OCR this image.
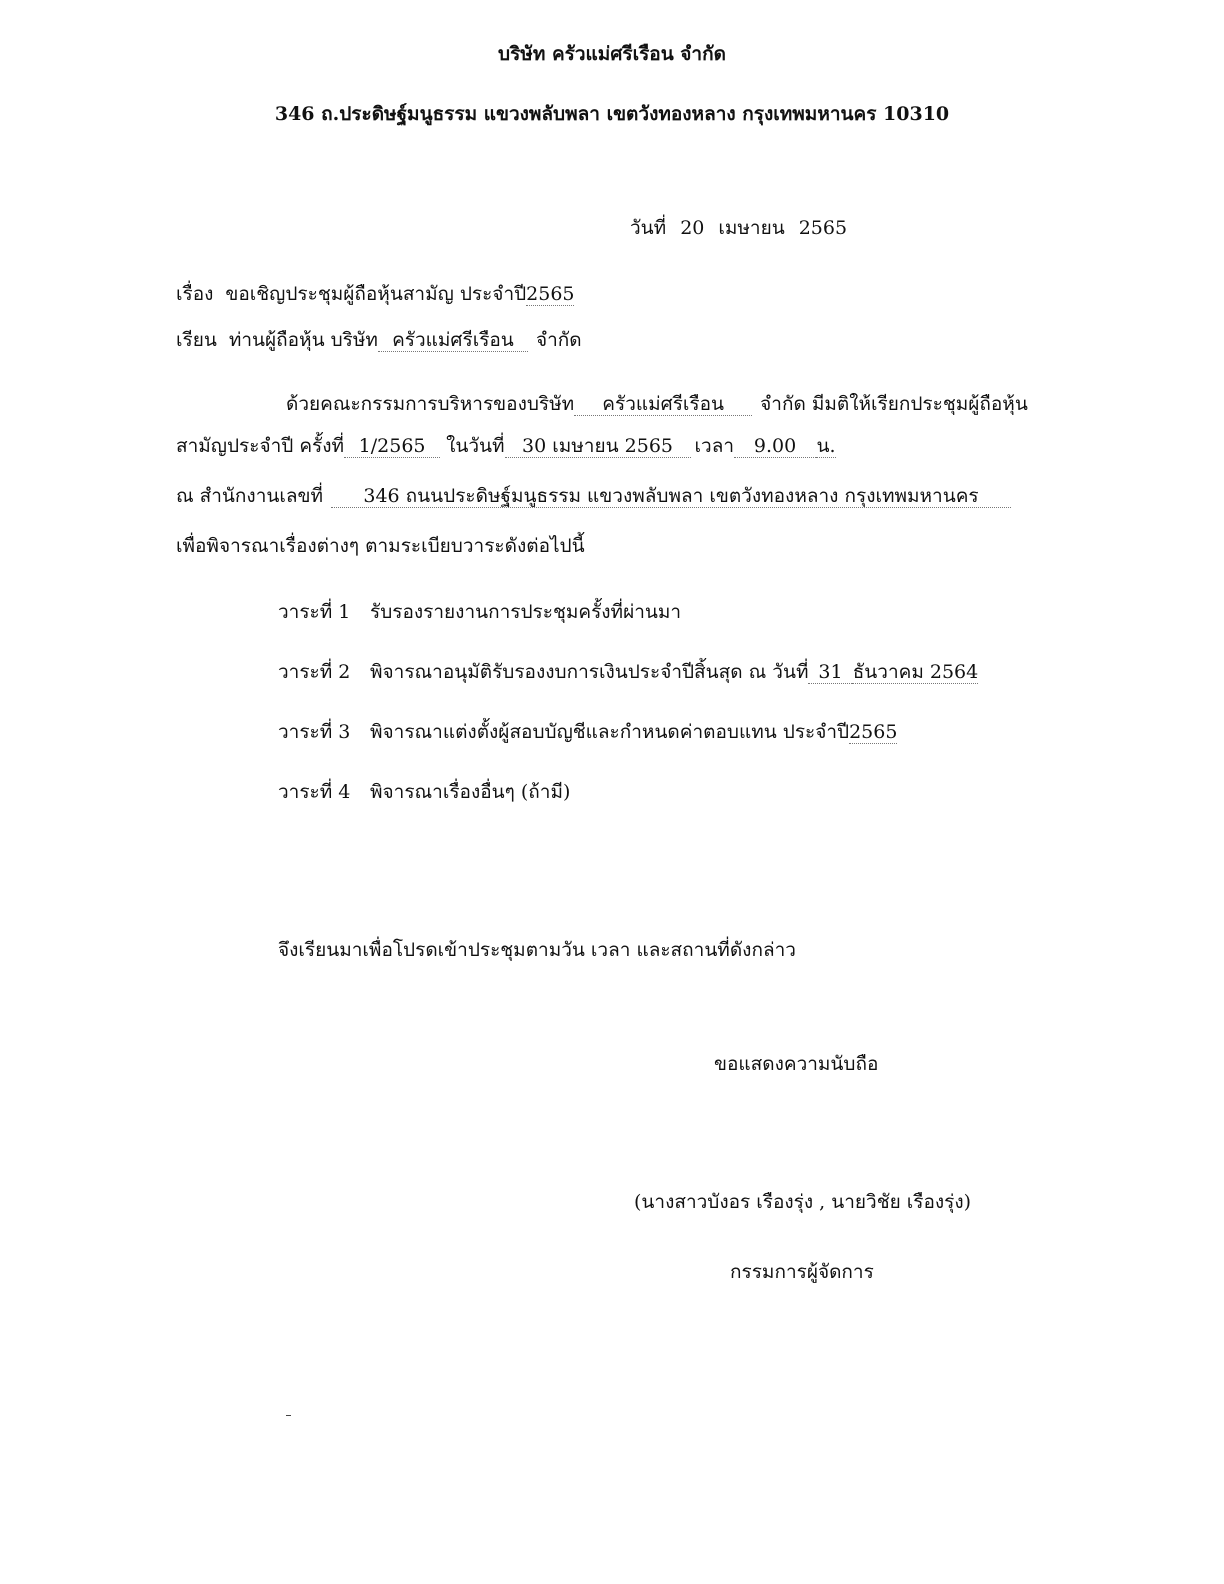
บริษัท ครัวแม่ศรีเรือน จำกัด
346 ถ.ประดิษฐ์มนูธรรม แขวงพลับพลา เขตวังทองหลาง กรุงเทพมหานคร 10310
วันที่ 20 เมษายน 2565
เรื่อง ขอเชิญประชุมผู้ถือหุ้นสามัญ ประจำปี2565
เรียน ท่านผู้ถือหุ้น บริษัท ครัวแม่ศรีเรือน จำกัด
ด้วยคณะกรรมการบริหารของบริษัท ครัวแม่ศรีเรือน จำกัด มีมติให้เรียกประชุมผู้ถือหุ้น
สามัญประจำปี ครั้งที่ 1/2565 ในวันที่ 30 เมษายน 2565 เวลา 9.00 น.
ณ สำนักงานเลขที่ 346 ถนนประดิษฐ์มนูธรรม แขวงพลับพลา เขตวังทองหลาง กรุงเทพมหานคร
เพื่อพิจารณาเรื่องต่างๆ ตามระเบียบวาระดังต่อไปนี้
วาระที่ 1 รับรองรายงานการประชุมครั้งที่ผ่านมา
วาระที่ 2 พิจารณาอนุมัติรับรองงบการเงินประจำปีสิ้นสุด ณ วันที่ 31 ธันวาคม 2564
วาระที่ 3 พิจารณาแต่งตั้งผู้สอบบัญชีและกำหนดค่าตอบแทน ประจำปี2565
วาระที่ 4 พิจารณาเรื่องอื่นๆ (ถ้ามี)
จึงเรียนมาเพื่อโปรดเข้าประชุมตามวัน เวลา และสถานที่ดังกล่าว
ขอแสดงความนับถือ
(นางสาวบังอร เรืองรุ่ง , นายวิชัย เรืองรุ่ง)
กรรมการผู้จัดการ
